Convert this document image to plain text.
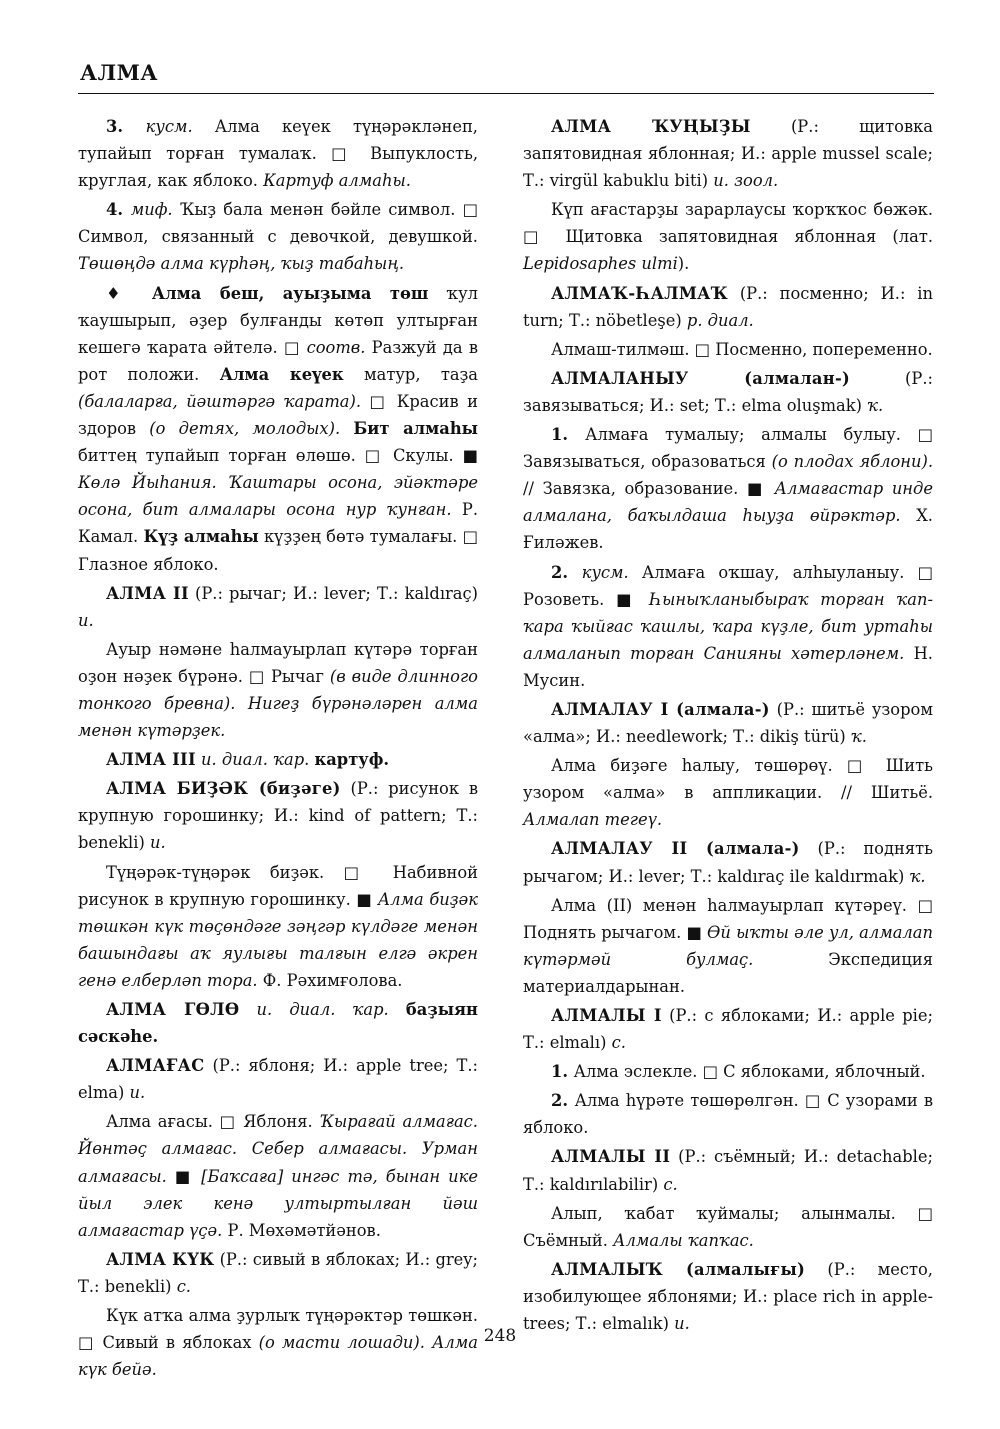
АЛМА

3. кусм. Алма кеүек түңәрәкләнеп, тупайып торған тумалаҡ. □ Выпуклость, круглая, как яблоко. Картуф алмаһы.

4. миф. Ҡыҙ бала менән бәйле символ. □ Символ, связанный с девочкой, девушкой. Төшөңдә алма күрһәң, ҡыҙ табаһың.

♦ Алма беш, ауыҙыма төш ҡул ҡаушырып, әҙер булғанды көтөп ултырған кешегә ҡарата әйтелә. □ соотв. Разжуй да в рот положи. Алма кеүек матур, таҙа (балаларға, йәштәргә ҡарата). □ Красив и здоров (о детях, молодых). Бит алмаһы биттең тупайып торған өлөшө. □ Скулы. ■ Көлә Йыһания. Ҡаштары осона, эйәктәре осона, бит алмалары осона нур ҡунған. Р. Камал. Күҙ алмаһы күҙҙең бөтә тумалағы. □ Глазное яблоко.

АЛМА II (Р.: рычаг; И.: lever; Т.: kaldıraç) и.

Ауыр нәмәне һалмауырлап күтәрә торған оҙон нәҙек бүрәнә. □ Рычаг (в виде длинного тонкого бревна). Нигеҙ бүрәнәләрен алма менән күтәрҙек.

АЛМА III и. диал. ҡар. картуф.

АЛМА БИҘӘК (биҙәге) (Р.: рисунок в крупную горошинку; И.: kind of pattern; Т.: benekli) и.

Түңәрәк-түңәрәк биҙәк. □ Набивной рисунок в крупную горошинку. ■ Алма биҙәк төшкән күк төҫөндәге зәңгәр күлдәге менән башындағы аҡ яулығы талғын елгә әкрен генә елберләп тора. Ф. Рәхимғолова.

АЛМА ГӨЛӨ и. диал. ҡар. баҙыян сәскәһе.

АЛМАҒАС (Р.: яблоня; И.: apple tree; Т.: elma) и.

Алма ағасы. □ Яблоня. Ҡырағай алмағас. Йөнтәҫ алмағас. Себер алмағасы. Урман алмағасы. ■ [Баҡсаға] ингәс тә, бынан ике йыл элек кенә ултыртылған йәш алмағастар үҫә. Р. Мөхәмәтйәнов.

АЛМА КҮК (Р.: сивый в яблоках; И.: grey; Т.: benekli) с.

Күк атҡа алма ҙурлыҡ түңәрәктәр төшкән. □ Сивый в яблоках (о масти лошади). Алма күк бейә.

АЛМА ҠУҢЫҘЫ (Р.: щитовка запятовидная яблонная; И.: apple mussel scale; Т.: virgül kabuklu biti) и. зоол.

Күп ағастарҙы зарарлаусы ҡорҡҡос бөжәк. □ Щитовка запятовидная яблонная (лат. Lepidosaphes ulmi).

АЛМАҠ-ҺАЛМАҠ (Р.: посменно; И.: in turn; Т.: nöbetleşe) р. диал.

Алмаш-тилмәш. □ Посменно, попеременно.

АЛМАЛАНЫУ (алмалан-) (Р.: завязываться; И.: set; Т.: elma oluşmak) ҡ.

1. Алмаға тумалыу; алмалы булыу. □ Завязываться, образоваться (о плодах яблони). // Завязка, образование. ■ Алмағастар инде алмалана, баҡылдаша һыуҙа өйрәктәр. Х. Ғиләжев.

2. кусм. Алмаға оҡшау, алһыуланыу. □ Розоветь. ■ Һыныҡланыбыраҡ торған ҡап-ҡара ҡыйғас ҡашлы, ҡара күҙле, бит уртаһы алмаланып торған Санияны хәтерләнем. Н. Мусин.

АЛМАЛАУ I (алмала-) (Р.: шитьё узором «алма»; И.: needlework; Т.: dikiş türü) ҡ.

Алма биҙәге һалыу, төшөрөү. □ Шить узором «алма» в аппликации. // Шитьё. Алмалап тегеү.

АЛМАЛАУ II (алмала-) (Р.: поднять рычагом; И.: lever; Т.: kaldıraç ile kaldırmak) ҡ.

Алма (II) менән һалмауырлап күтәреү. □ Поднять рычагом. ■ Өй ыҡты әле ул, алмалап күтәрмәй булмаҫ. Экспедиция материалдарынан.

АЛМАЛЫ I (Р.: с яблоками; И.: apple pie; Т.: elmalı) с.

1. Алма эслекле. □ С яблоками, яблочный.

2. Алма һүрәте төшөрөлгән. □ С узорами в яблоко.

АЛМАЛЫ II (Р.: съёмный; И.: detachable; Т.: kaldırılabilir) с.

Алып, ҡабат ҡуймалы; алынмалы. □ Съёмный. Алмалы ҡапҡас.

АЛМАЛЫҠ (алмалығы) (Р.: место, изобилующее яблонями; И.: place rich in apple-trees; Т.: elmalık) и.

248
